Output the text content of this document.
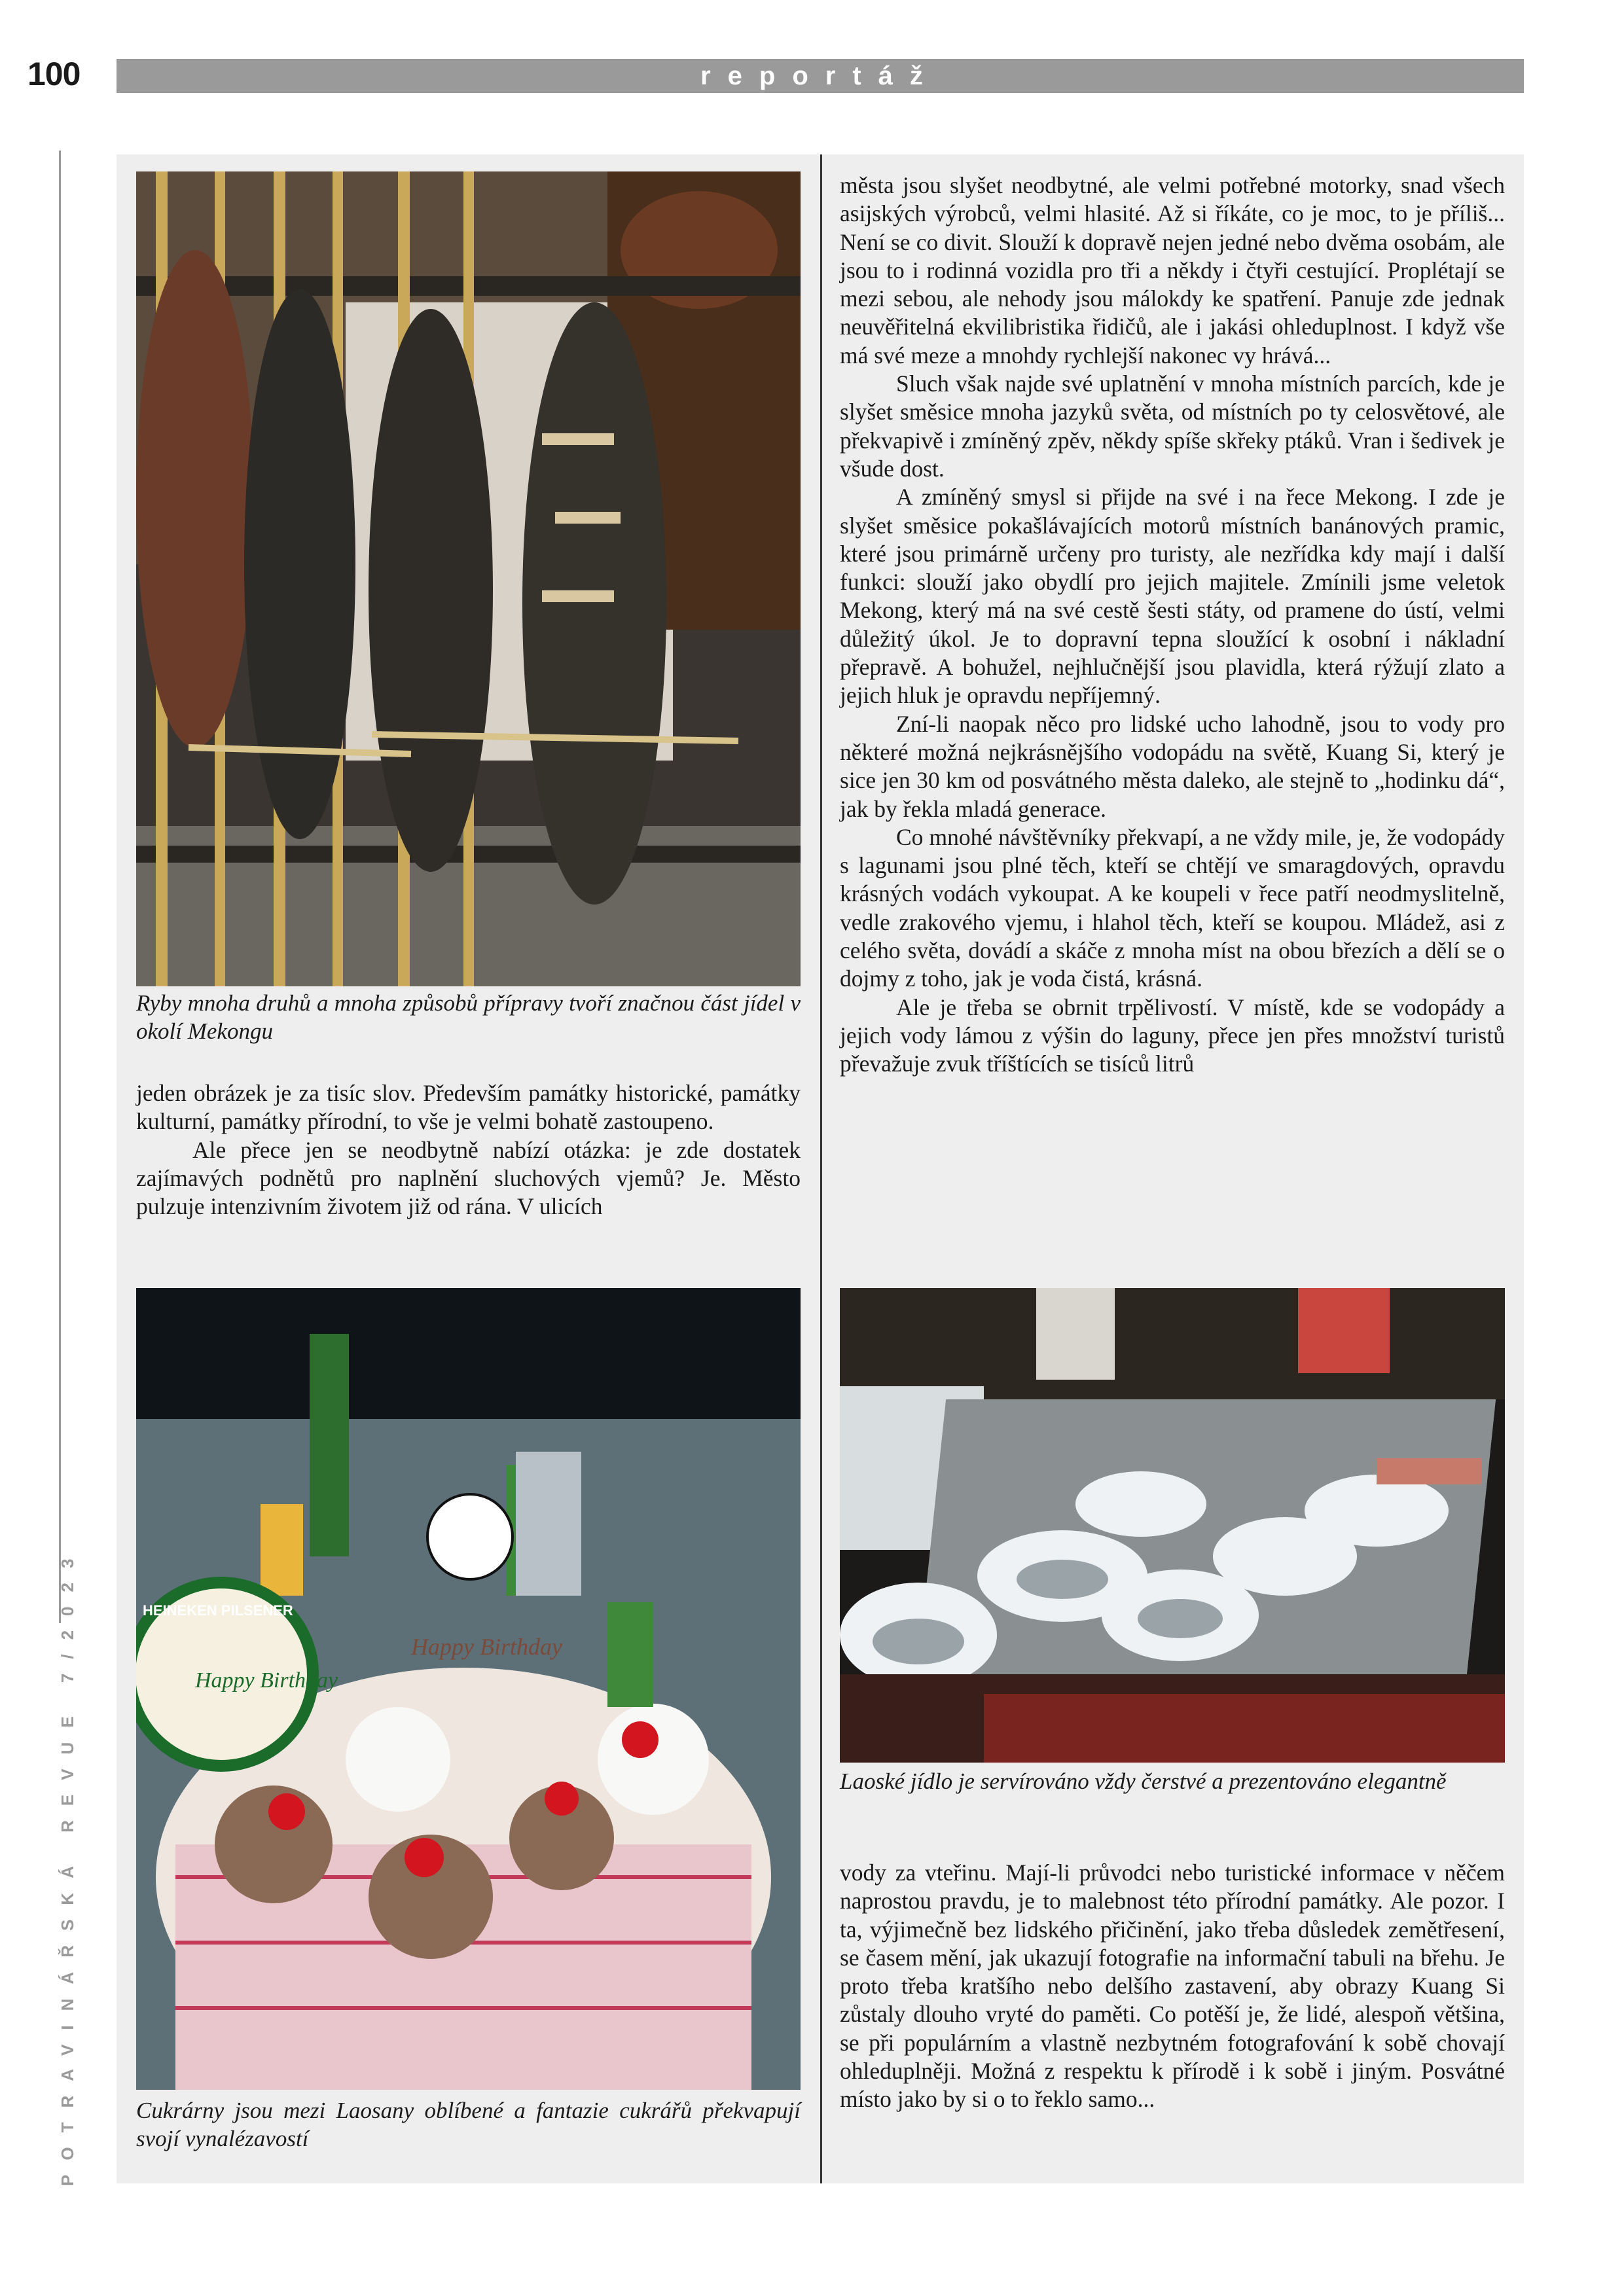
100	reportáž
POTRAVINÁŘSKÁ REVUE 7/2023
Ryby mnoha druhů a mnoha způsobů přípravy tvoří značnou část jídel v okolí Mekongu

jeden obrázek je za tisíc slov. Především památky historické, památky kulturní, památky přírodní, to vše je velmi bohatě zastoupeno.

Ale přece jen se neodbytně nabízí otázka: je zde dostatek zajímavých podnětů pro naplnění sluchových vjemů? Je. Město pulzuje intenzivním životem již od rána. V ulicích

Happy Birthday
HEINEKEN PILSENER
Happy Birthday
Cukrárny jsou mezi Laosany oblíbené a fantazie cukrářů překvapují svojí vynalézavostí

města jsou slyšet neodbytné, ale velmi potřebné motorky, snad všech asijských výrobců, velmi hlasité. Až si říkáte, co je moc, to je příliš... Není se co divit. Slouží k dopravě nejen jedné nebo dvěma osobám, ale jsou to i rodinná vozidla pro tři a někdy i čtyři cestující. Proplétají se mezi sebou, ale nehody jsou málokdy ke spatření. Panuje zde jednak neuvěřitelná ekvilibristika řidičů, ale i jakási ohleduplnost. I když vše má své meze a mnohdy rychlejší nakonec vy hrává...

Sluch však najde své uplatnění v mnoha místních parcích, kde je slyšet směsice mnoha jazyků světa, od místních po ty celosvětové, ale překvapivě i zmíněný zpěv, někdy spíše skřeky ptáků. Vran i šedivek je všude dost.

A zmíněný smysl si přijde na své i na řece Mekong. I zde je slyšet směsice pokašlávajících motorů místních banánových pramic, které jsou primárně určeny pro turisty, ale nezřídka kdy mají i další funkci: slouží jako obydlí pro jejich majitele. Zmínili jsme veletok Mekong, který má na své cestě šesti státy, od pramene do ústí, velmi důležitý úkol. Je to dopravní tepna sloužící k osobní i nákladní přepravě. A bohužel, nejhlučnější jsou plavidla, která rýžují zlato a jejich hluk je opravdu nepříjemný.

Zní-li naopak něco pro lidské ucho lahodně, jsou to vody pro některé možná nejkrásnějšího vodopádu na světě, Kuang Si, který je sice jen 30 km od posvátného města daleko, ale stejně to „hodinku dá“, jak by řekla mladá generace.

Co mnohé návštěvníky překvapí, a ne vždy mile, je, že vodopády s lagunami jsou plné těch, kteří se chtějí ve smaragdových, opravdu krásných vodách vykoupat. A ke koupeli v řece patří neodmyslitelně, vedle zrakového vjemu, i hlahol těch, kteří se koupou. Mládež, asi z celého světa, dovádí a skáče z mnoha míst na obou březích a dělí se o dojmy z toho, jak je voda čistá, krásná.

Ale je třeba se obrnit trpělivostí. V místě, kde se vodopády a jejich vody lámou z výšin do laguny, přece jen přes množství turistů převažuje zvuk tříštících se tisíců litrů

Laoské jídlo je servírováno vždy čerstvé a prezentováno elegantně

vody za vteřinu. Mají-li průvodci nebo turistické informace v něčem naprostou pravdu, je to malebnost této přírodní památky. Ale pozor. I ta, výjimečně bez lidského přičinění, jako třeba důsledek zemětřesení, se časem mění, jak ukazují fotografie na informační tabuli na břehu. Je proto třeba kratšího nebo delšího zastavení, aby obrazy Kuang Si zůstaly dlouho vryté do paměti. Co potěší je, že lidé, alespoň většina, se při populárním a vlastně nezbytném fotografování k sobě chovají ohleduplněji. Možná z respektu k přírodě i k sobě i jiným. Posvátné místo jako by si o to řeklo samo...
